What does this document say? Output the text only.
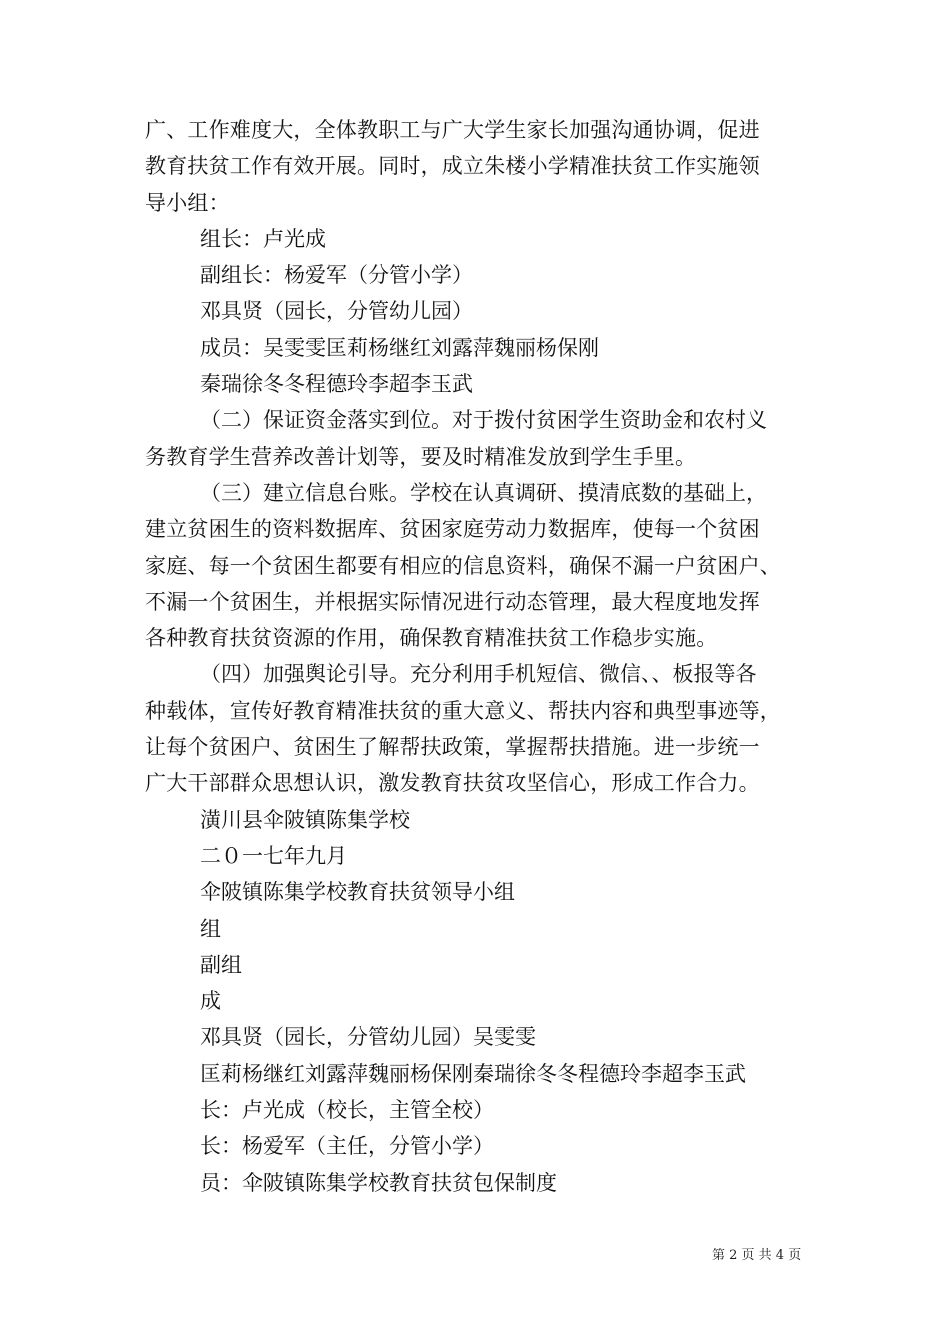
广、工作难度大，全体教职工与广大学生家长加强沟通协调，促进
教育扶贫工作有效开展。同时，成立朱楼小学精准扶贫工作实施领
导小组：
组长：卢光成
副组长：杨爱军（分管小学）
邓具贤（园长，分管幼儿园）
成员：吴雯雯匡莉杨继红刘露萍魏丽杨保刚
秦瑞徐冬冬程德玲李超李玉武
（二）保证资金落实到位。对于拨付贫困学生资助金和农村义
务教育学生营养改善计划等，要及时精准发放到学生手里。
（三）建立信息台账。学校在认真调研、摸清底数的基础上，
建立贫困生的资料数据库、贫困家庭劳动力数据库，使每一个贫困
家庭、每一个贫困生都要有相应的信息资料，确保不漏一户贫困户、
不漏一个贫困生，并根据实际情况进行动态管理，最大程度地发挥
各种教育扶贫资源的作用，确保教育精准扶贫工作稳步实施。
（四）加强舆论引导。充分利用手机短信、微信、、板报等各
种载体，宣传好教育精准扶贫的重大意义、帮扶内容和典型事迹等，
让每个贫困户、贫困生了解帮扶政策，掌握帮扶措施。进一步统一
广大干部群众思想认识，激发教育扶贫攻坚信心，形成工作合力。
潢川县伞陂镇陈集学校
二０一七年九月
伞陂镇陈集学校教育扶贫领导小组
组
副组
成
邓具贤（园长，分管幼儿园）吴雯雯
匡莉杨继红刘露萍魏丽杨保刚秦瑞徐冬冬程德玲李超李玉武
长：卢光成（校长，主管全校）
长：杨爱军（主任，分管小学）
员：伞陂镇陈集学校教育扶贫包保制度
第 2 页 共 4 页
